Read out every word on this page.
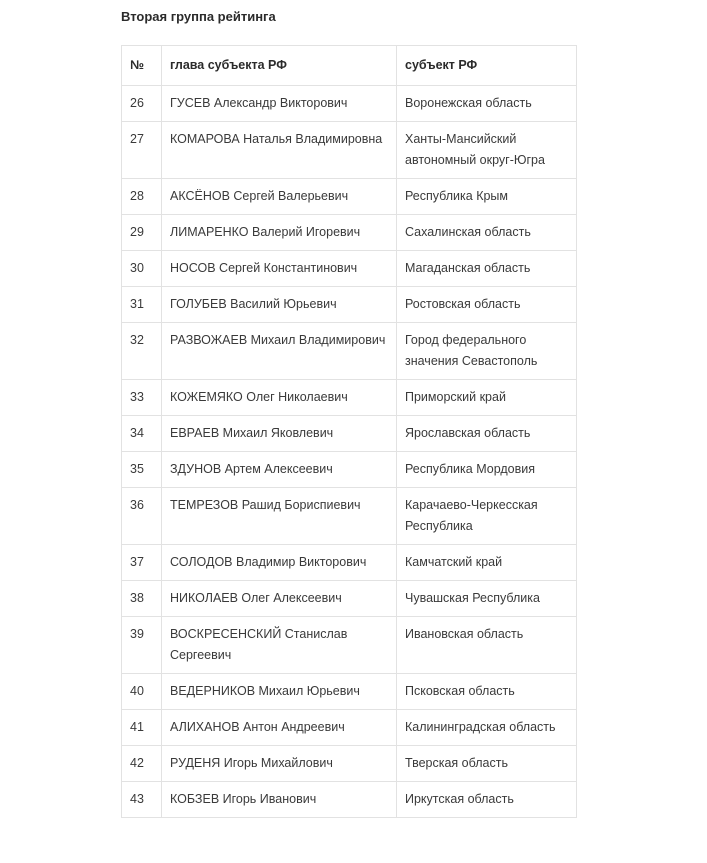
Вторая группа рейтинга
№	глава субъекта РФ	субъект РФ
26	ГУСЕВ Александр Викторович	Воронежская область
27	КОМАРОВА Наталья Владимировна	Ханты-Мансийский автономный округ-Югра
28	АКСЁНОВ Сергей Валерьевич	Республика Крым
29	ЛИМАРЕНКО Валерий Игоревич	Сахалинская область
30	НОСОВ Сергей Константинович	Магаданская область
31	ГОЛУБЕВ Василий Юрьевич	Ростовская область
32	РАЗВОЖАЕВ Михаил Владимирович	Город федерального значения Севастополь
33	КОЖЕМЯКО Олег Николаевич	Приморский край
34	ЕВРАЕВ Михаил Яковлевич	Ярославская область
35	ЗДУНОВ Артем Алексеевич	Республика Мордовия
36	ТЕМРЕЗОВ Рашид Бориспиевич	Карачаево-Черкесская Республика
37	СОЛОДОВ Владимир Викторович	Камчатский край
38	НИКОЛАЕВ Олег Алексеевич	Чувашская Республика
39	ВОСКРЕСЕНСКИЙ Станислав Сергеевич	Ивановская область
40	ВЕДЕРНИКОВ Михаил Юрьевич	Псковская область
41	АЛИХАНОВ Антон Андреевич	Калининградская область
42	РУДЕНЯ Игорь Михайлович	Тверская область
43	КОБЗЕВ Игорь Иванович	Иркутская область
